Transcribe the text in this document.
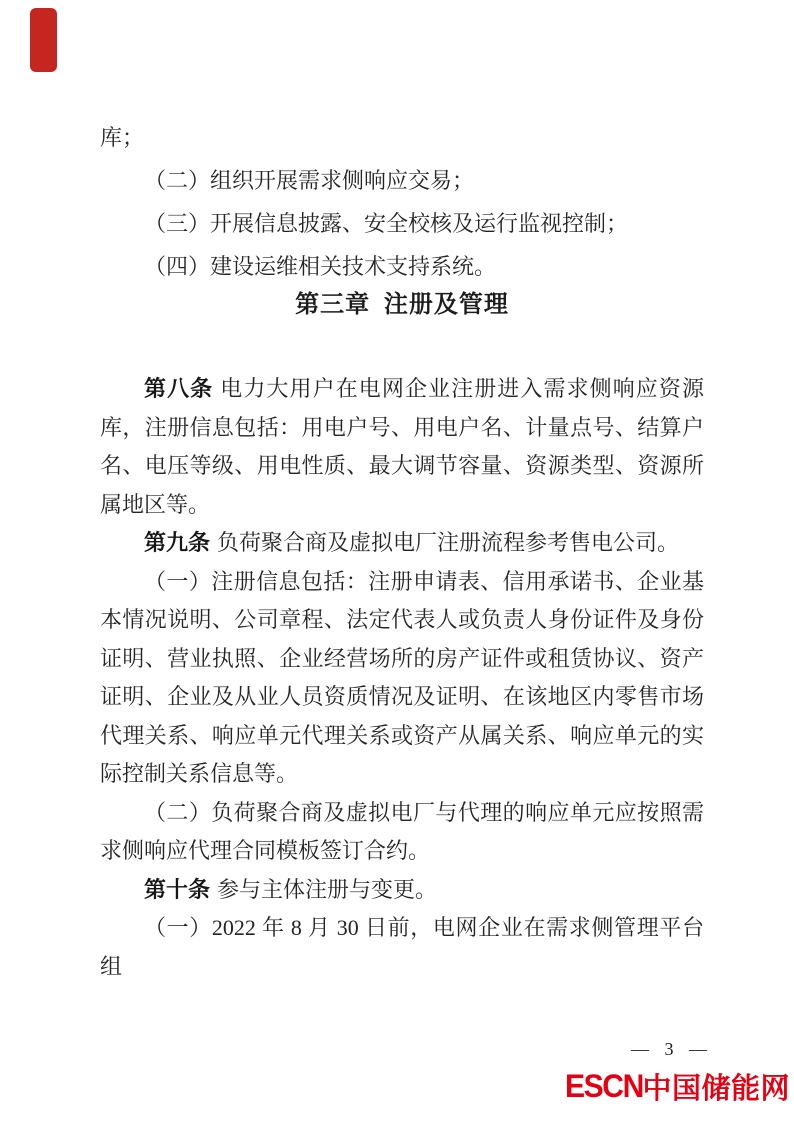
库；

（二）组织开展需求侧响应交易；

（三）开展信息披露、安全校核及运行监视控制；

（四）建设运维相关技术支持系统。

第三章 注册及管理

第八条 电力大用户在电网企业注册进入需求侧响应资源库，注册信息包括：用电户号、用电户名、计量点号、结算户名、电压等级、用电性质、最大调节容量、资源类型、资源所属地区等。

第九条 负荷聚合商及虚拟电厂注册流程参考售电公司。

（一）注册信息包括：注册申请表、信用承诺书、企业基本情况说明、公司章程、法定代表人或负责人身份证件及身份证明、营业执照、企业经营场所的房产证件或租赁协议、资产证明、企业及从业人员资质情况及证明、在该地区内零售市场代理关系、响应单元代理关系或资产从属关系、响应单元的实际控制关系信息等。

（二）负荷聚合商及虚拟电厂与代理的响应单元应按照需求侧响应代理合同模板签订合约。

第十条 参与主体注册与变更。

（一）2022 年 8 月 30 日前，电网企业在需求侧管理平台组

— 3 —
ESCN 中国储能网
